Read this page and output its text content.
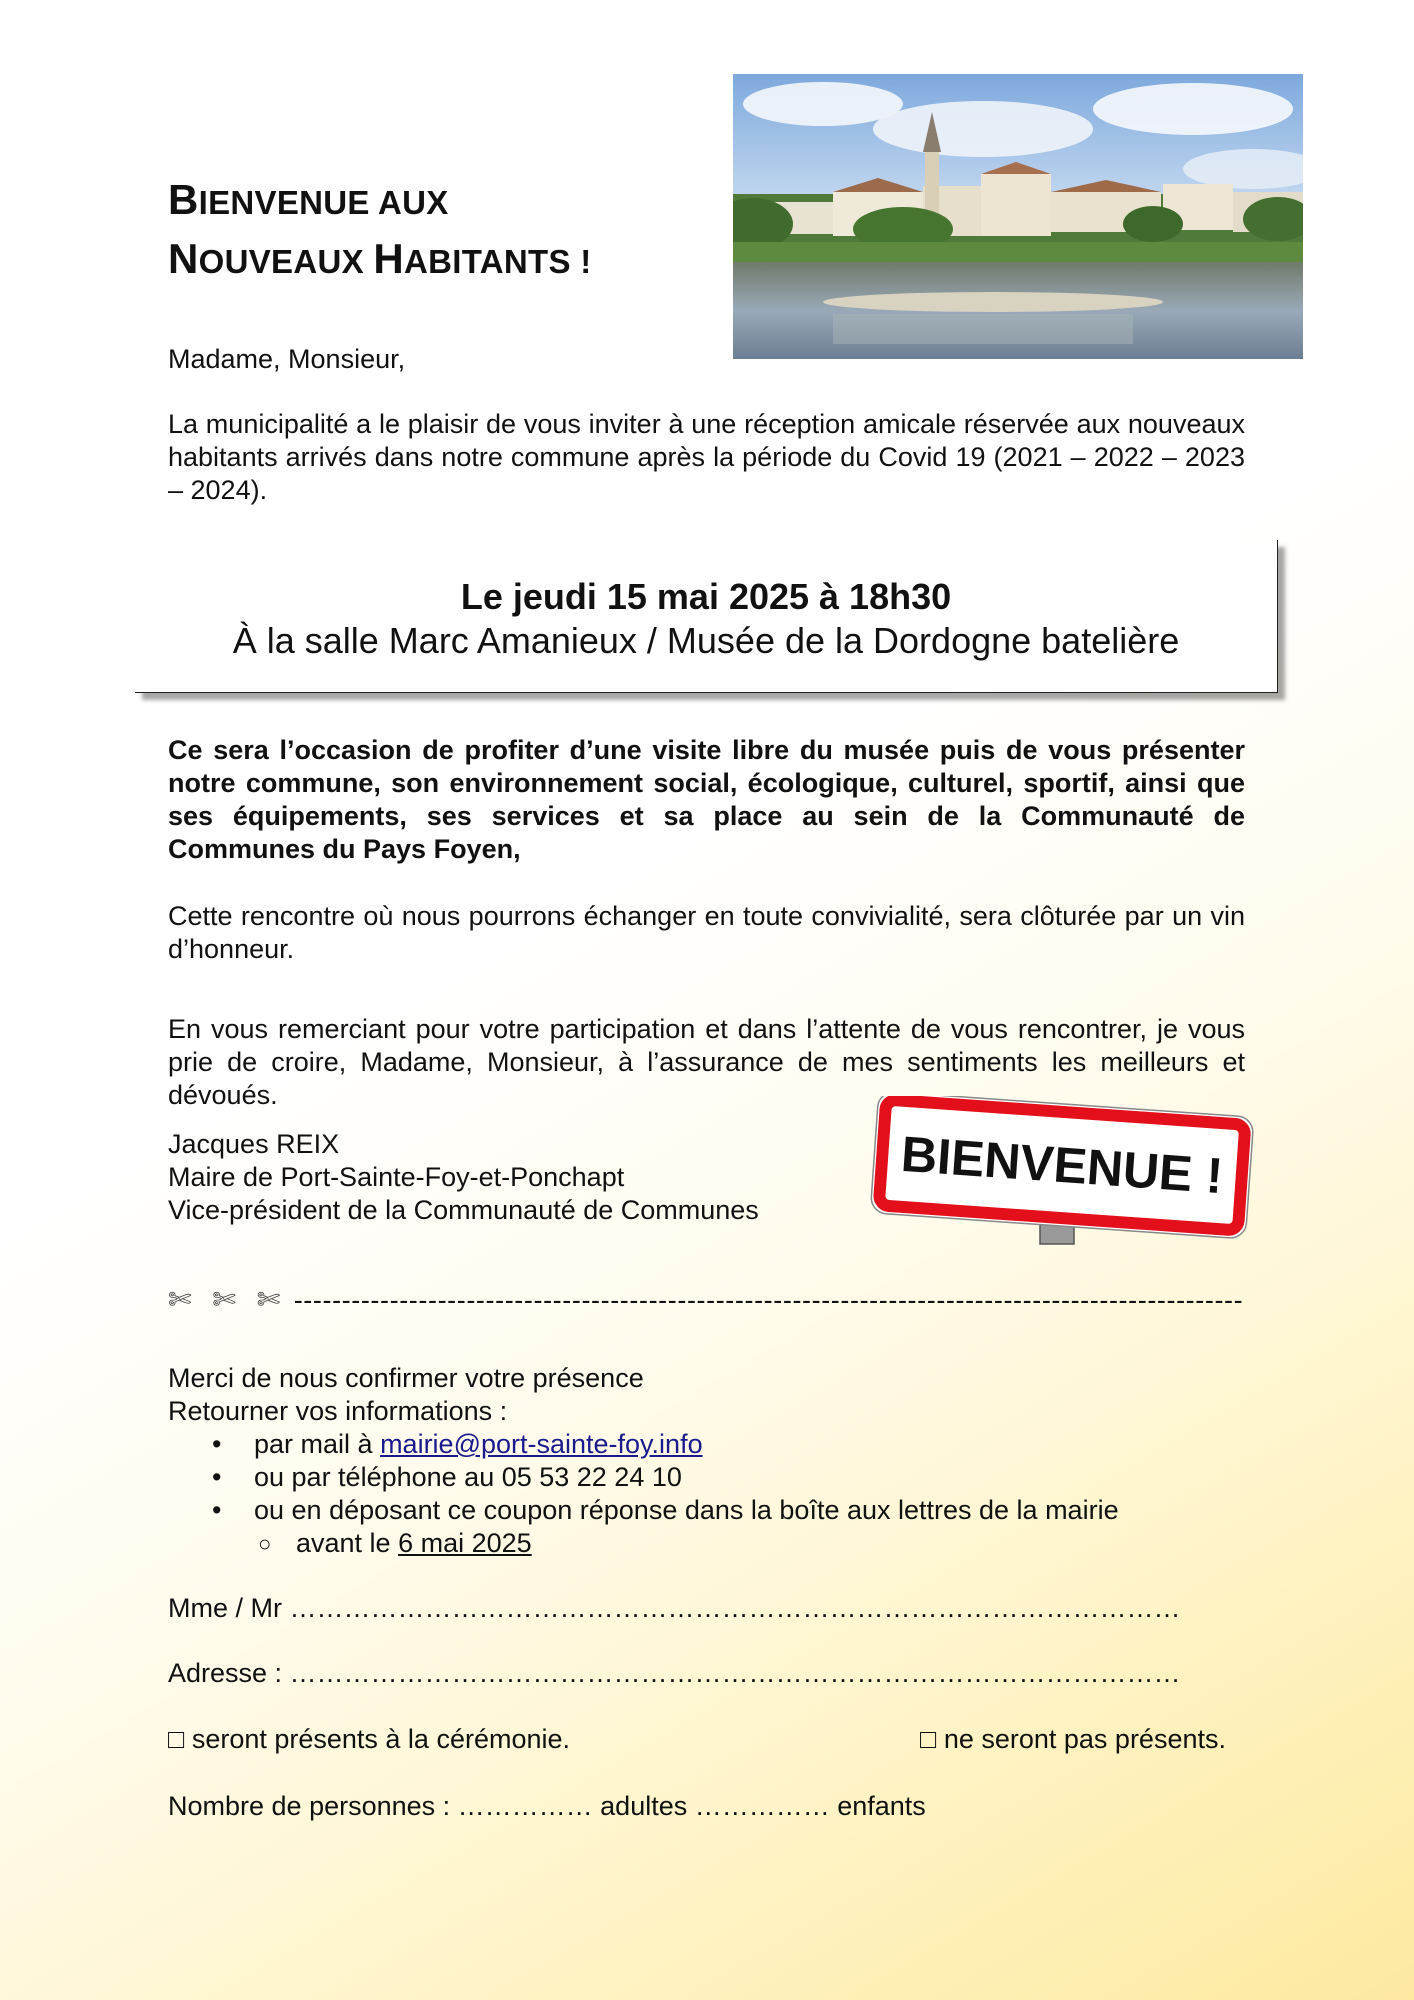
BIENVENUE AUX
NOUVEAUX HABITANTS !
Madame, Monsieur,
La municipalité a le plaisir de vous inviter à une réception amicale réservée aux nouveaux habitants arrivés dans notre commune après la période du Covid 19 (2021 – 2022 – 2023 – 2024).
Le jeudi 15 mai 2025 à 18h30
À la salle Marc Amanieux / Musée de la Dordogne batelière
Ce sera l’occasion de profiter d’une visite libre du musée puis de vous présenter notre commune, son environnement social, écologique, culturel, sportif, ainsi que ses équipements, ses services et sa place au sein de la Communauté de Communes du Pays Foyen,
Cette rencontre où nous pourrons échanger en toute convivialité, sera clôturée par un vin d’honneur.
En vous remerciant pour votre participation et dans l’attente de vous rencontrer, je vous prie de croire, Madame, Monsieur, à l’assurance de mes sentiments les meilleurs et dévoués.
Jacques REIX
Maire de Port-Sainte-Foy-et-Ponchapt
Vice-président de la Communauté de Communes
BIENVENUE !
✄ ✄ ✄ ---------------------------------------------------------------------------------------------------
Merci de nous confirmer votre présence
Retourner vos informations :
• par mail à mairie@port-sainte-foy.info
• ou par téléphone au 05 53 22 24 10
• ou en déposant ce coupon réponse dans la boîte aux lettres de la mairie
○ avant le 6 mai 2025
Mme / Mr ………………………………………………………………………………………
Adresse : ………………………………………………………………………………………
□ seront présents à la cérémonie.	□ ne seront pas présents.
Nombre de personnes : …………… adultes …………… enfants
